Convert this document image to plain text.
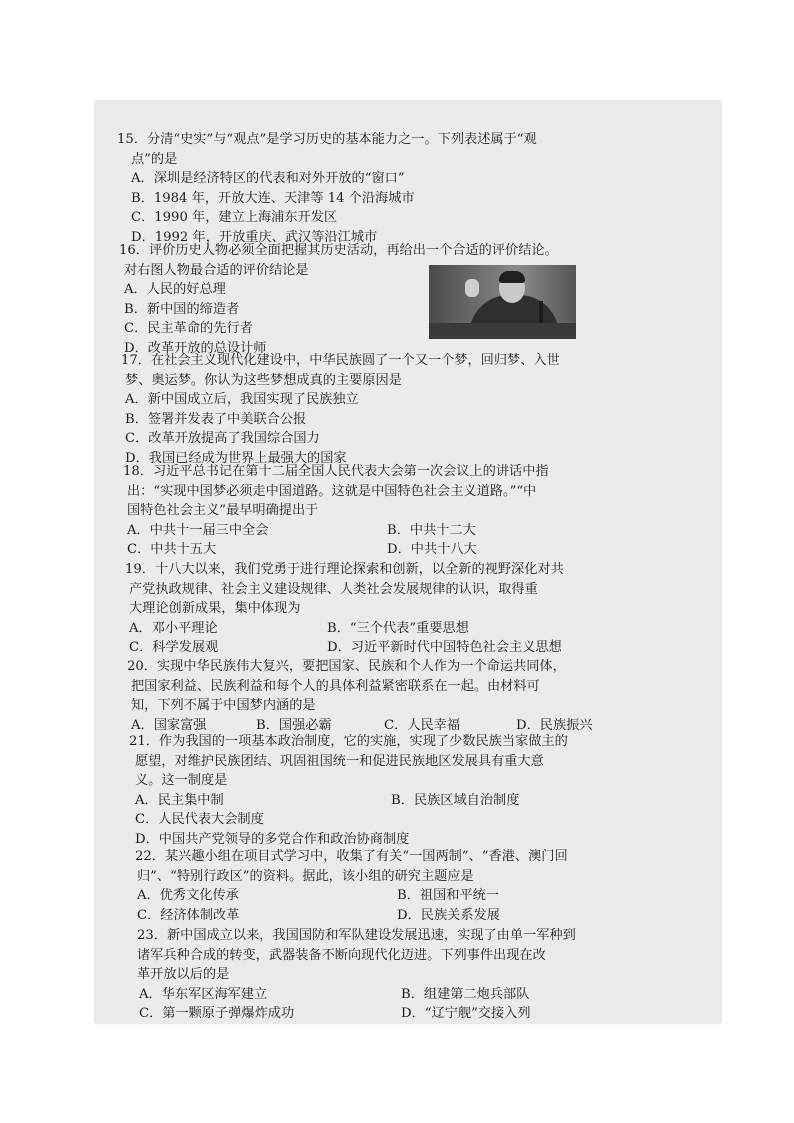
15．分清“史实”与“观点”是学习历史的基本能力之一。下列表述属于“观
点”的是
A．深圳是经济特区的代表和对外开放的“窗口”
B．1984 年，开放大连、天津等 14 个沿海城市
C．1990 年，建立上海浦东开发区
D．1992 年，开放重庆、武汉等沿江城市
16．评价历史人物必须全面把握其历史活动，再给出一个合适的评价结论。
对右图人物最合适的评价结论是
A．人民的好总理
B．新中国的缔造者
C．民主革命的先行者
D．改革开放的总设计师
17．在社会主义现代化建设中，中华民族圆了一个又一个梦，回归梦、入世
梦、奥运梦。你认为这些梦想成真的主要原因是
A．新中国成立后，我国实现了民族独立
B．签署并发表了中美联合公报
C．改革开放提高了我国综合国力
D．我国已经成为世界上最强大的国家
18．习近平总书记在第十二届全国人民代表大会第一次会议上的讲话中指
出：“实现中国梦必须走中国道路。这就是中国特色社会主义道路。”“中
国特色社会主义”最早明确提出于
A．中共十一届三中全会	B．中共十二大
C．中共十五大	D．中共十八大
19．十八大以来，我们党勇于进行理论探索和创新，以全新的视野深化对共
产党执政规律、社会主义建设规律、人类社会发展规律的认识，取得重
大理论创新成果，集中体现为
A．邓小平理论	B．“三个代表”重要思想
C．科学发展观	D．习近平新时代中国特色社会主义思想
20．实现中华民族伟大复兴，要把国家、民族和个人作为一个命运共同体，
把国家利益、民族利益和每个人的具体利益紧密联系在一起。由材料可
知，下列不属于中国梦内涵的是
A．国家富强	B．国强必霸	C．人民幸福	D．民族振兴
21．作为我国的一项基本政治制度，它的实施，实现了少数民族当家做主的
愿望，对维护民族团结、巩固祖国统一和促进民族地区发展具有重大意
义。这一制度是
A．民主集中制	B．民族区域自治制度
C．人民代表大会制度
D．中国共产党领导的多党合作和政治协商制度
22．某兴趣小组在项目式学习中，收集了有关“一国两制”、“香港、澳门回
归”、“特别行政区”的资料。据此，该小组的研究主题应是
A．优秀文化传承	B．祖国和平统一
C．经济体制改革	D．民族关系发展
23．新中国成立以来，我国国防和军队建设发展迅速，实现了由单一军种到
诸军兵种合成的转变，武器装备不断向现代化迈进。下列事件出现在改
革开放以后的是
A．华东军区海军建立	B．组建第二炮兵部队
C．第一颗原子弹爆炸成功	D．“辽宁舰”交接入列
